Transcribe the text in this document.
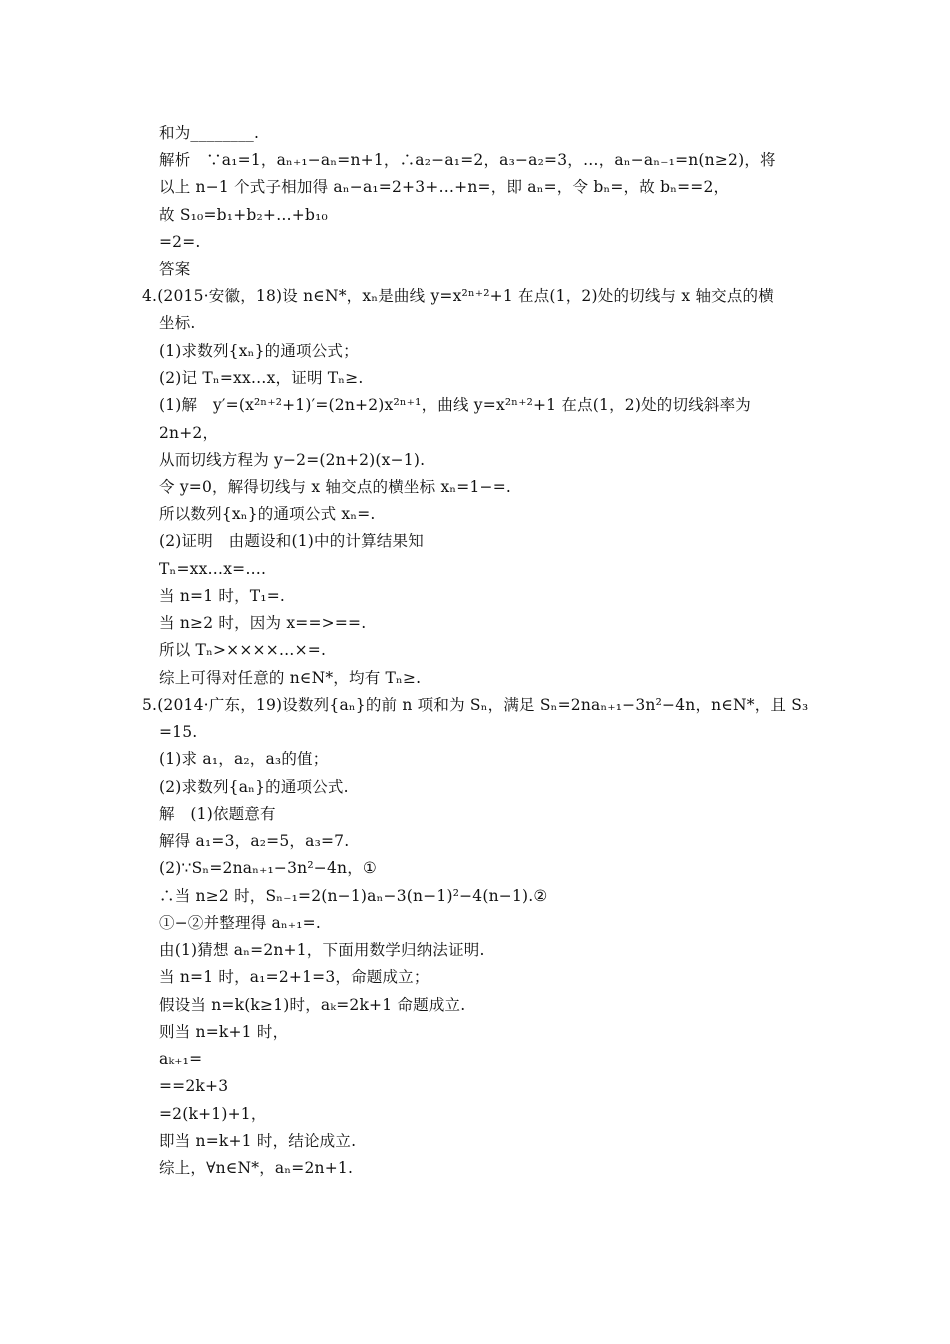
和为________.
解析　∵a₁=1，aₙ₊₁−aₙ=n+1，∴a₂−a₁=2，a₃−a₂=3，…，aₙ−aₙ₋₁=n(n≥2)，将
以上 n−1 个式子相加得 aₙ−a₁=2+3+…+n=，即 aₙ=，令 bₙ=，故 bₙ==2，
故 S₁₀=b₁+b₂+…+b₁₀
=2=.
答案
4.(2015·安徽，18)设 n∈N*，xₙ是曲线 y=x²ⁿ⁺²+1 在点(1，2)处的切线与 x 轴交点的横
坐标.
(1)求数列{xₙ}的通项公式；
(2)记 Tₙ=xx…x，证明 Tₙ≥.
(1)解　y′=(x²ⁿ⁺²+1)′=(2n+2)x²ⁿ⁺¹，曲线 y=x²ⁿ⁺²+1 在点(1，2)处的切线斜率为
2n+2，
从而切线方程为 y−2=(2n+2)(x−1).
令 y=0，解得切线与 x 轴交点的横坐标 xₙ=1−=.
所以数列{xₙ}的通项公式 xₙ=.
(2)证明　由题设和(1)中的计算结果知
Tₙ=xx…x=….
当 n=1 时，T₁=.
当 n≥2 时，因为 x==>==.
所以 Tₙ>××××…×=.
综上可得对任意的 n∈N*，均有 Tₙ≥.
5.(2014·广东，19)设数列{aₙ}的前 n 项和为 Sₙ，满足 Sₙ=2naₙ₊₁−3n²−4n，n∈N*，且 S₃
=15.
(1)求 a₁，a₂，a₃的值；
(2)求数列{aₙ}的通项公式.
解　(1)依题意有
解得 a₁=3，a₂=5，a₃=7.
(2)∵Sₙ=2naₙ₊₁−3n²−4n，①
∴当 n≥2 时，Sₙ₋₁=2(n−1)aₙ−3(n−1)²−4(n−1).②
①−②并整理得 aₙ₊₁=.
由(1)猜想 aₙ=2n+1，下面用数学归纳法证明.
当 n=1 时，a₁=2+1=3，命题成立；
假设当 n=k(k≥1)时，aₖ=2k+1 命题成立.
则当 n=k+1 时，
aₖ₊₁=
==2k+3
=2(k+1)+1，
即当 n=k+1 时，结论成立.
综上，∀n∈N*，aₙ=2n+1.
